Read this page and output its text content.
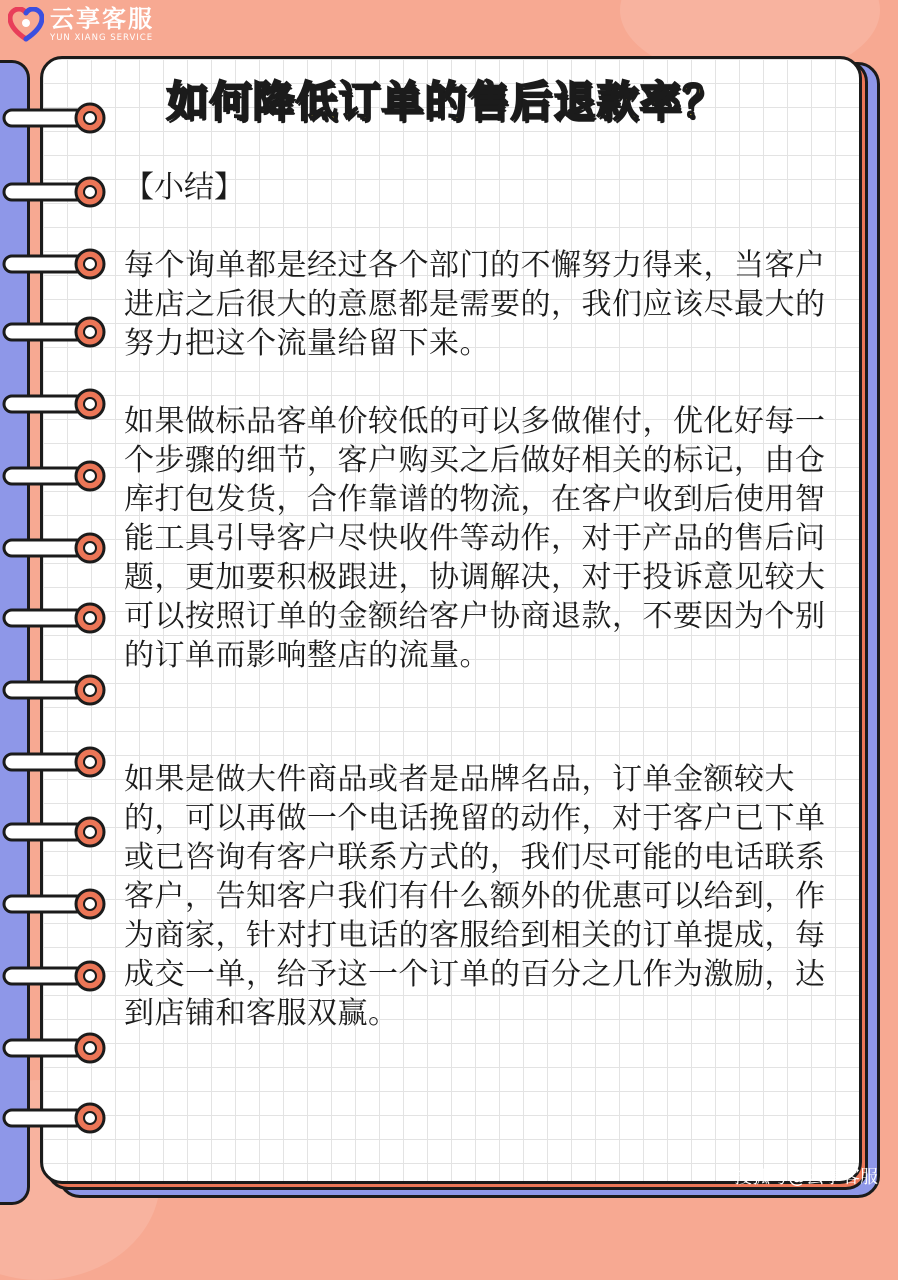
云享客服
YUN XIANG SERVICE
如何降低订单的售后退款率？
【小结】

每个询单都是经过各个部门的不懈努力得来，当客户进店之后很大的意愿都是需要的，我们应该尽最大的努力把这个流量给留下来。

如果做标品客单价较低的可以多做催付，优化好每一个步骤的细节，客户购买之后做好相关的标记，由仓库打包发货，合作靠谱的物流，在客户收到后使用智能工具引导客户尽快收件等动作，对于产品的售后问题，更加要积极跟进，协调解决，对于投诉意见较大可以按照订单的金额给客户协商退款，不要因为个别的订单而影响整店的流量。

如果是做大件商品或者是品牌名品，订单金额较大的，可以再做一个电话挽留的动作，对于客户已下单或已咨询有客户联系方式的，我们尽可能的电话联系客户，告知客户我们有什么额外的优惠可以给到，作为商家，针对打电话的客服给到相关的订单提成，每成交一单，给予这一个订单的百分之几作为激励，达到店铺和客服双赢。

搜狐号@云享客服
